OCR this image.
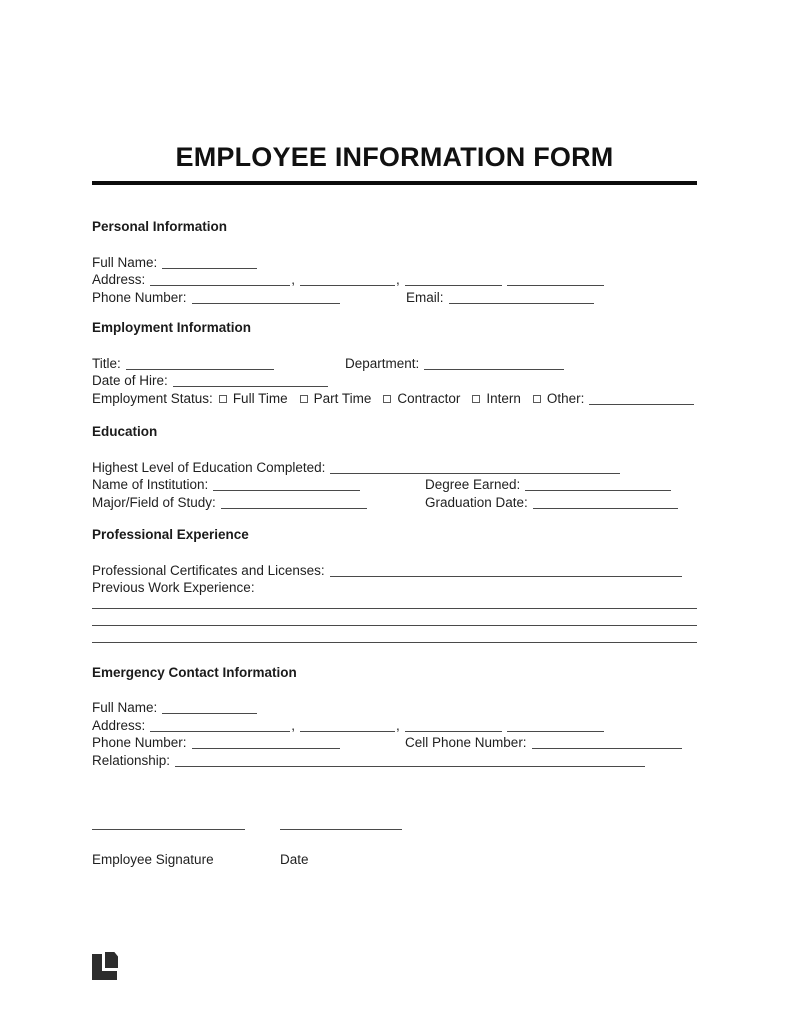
EMPLOYEE INFORMATION FORM
Personal Information
Full Name:
Address:	,	,
Phone Number:	Email:
Employment Information
Title:	Department:
Date of Hire:
Employment Status: Full Time Part Time Contractor Intern Other:
Education
Highest Level of Education Completed:
Name of Institution:	Degree Earned:
Major/Field of Study:	Graduation Date:
Professional Experience
Professional Certificates and Licenses:
Previous Work Experience:
Emergency Contact Information
Full Name:
Address:	,	,
Phone Number:	Cell Phone Number:
Relationship:
Employee Signature	Date
